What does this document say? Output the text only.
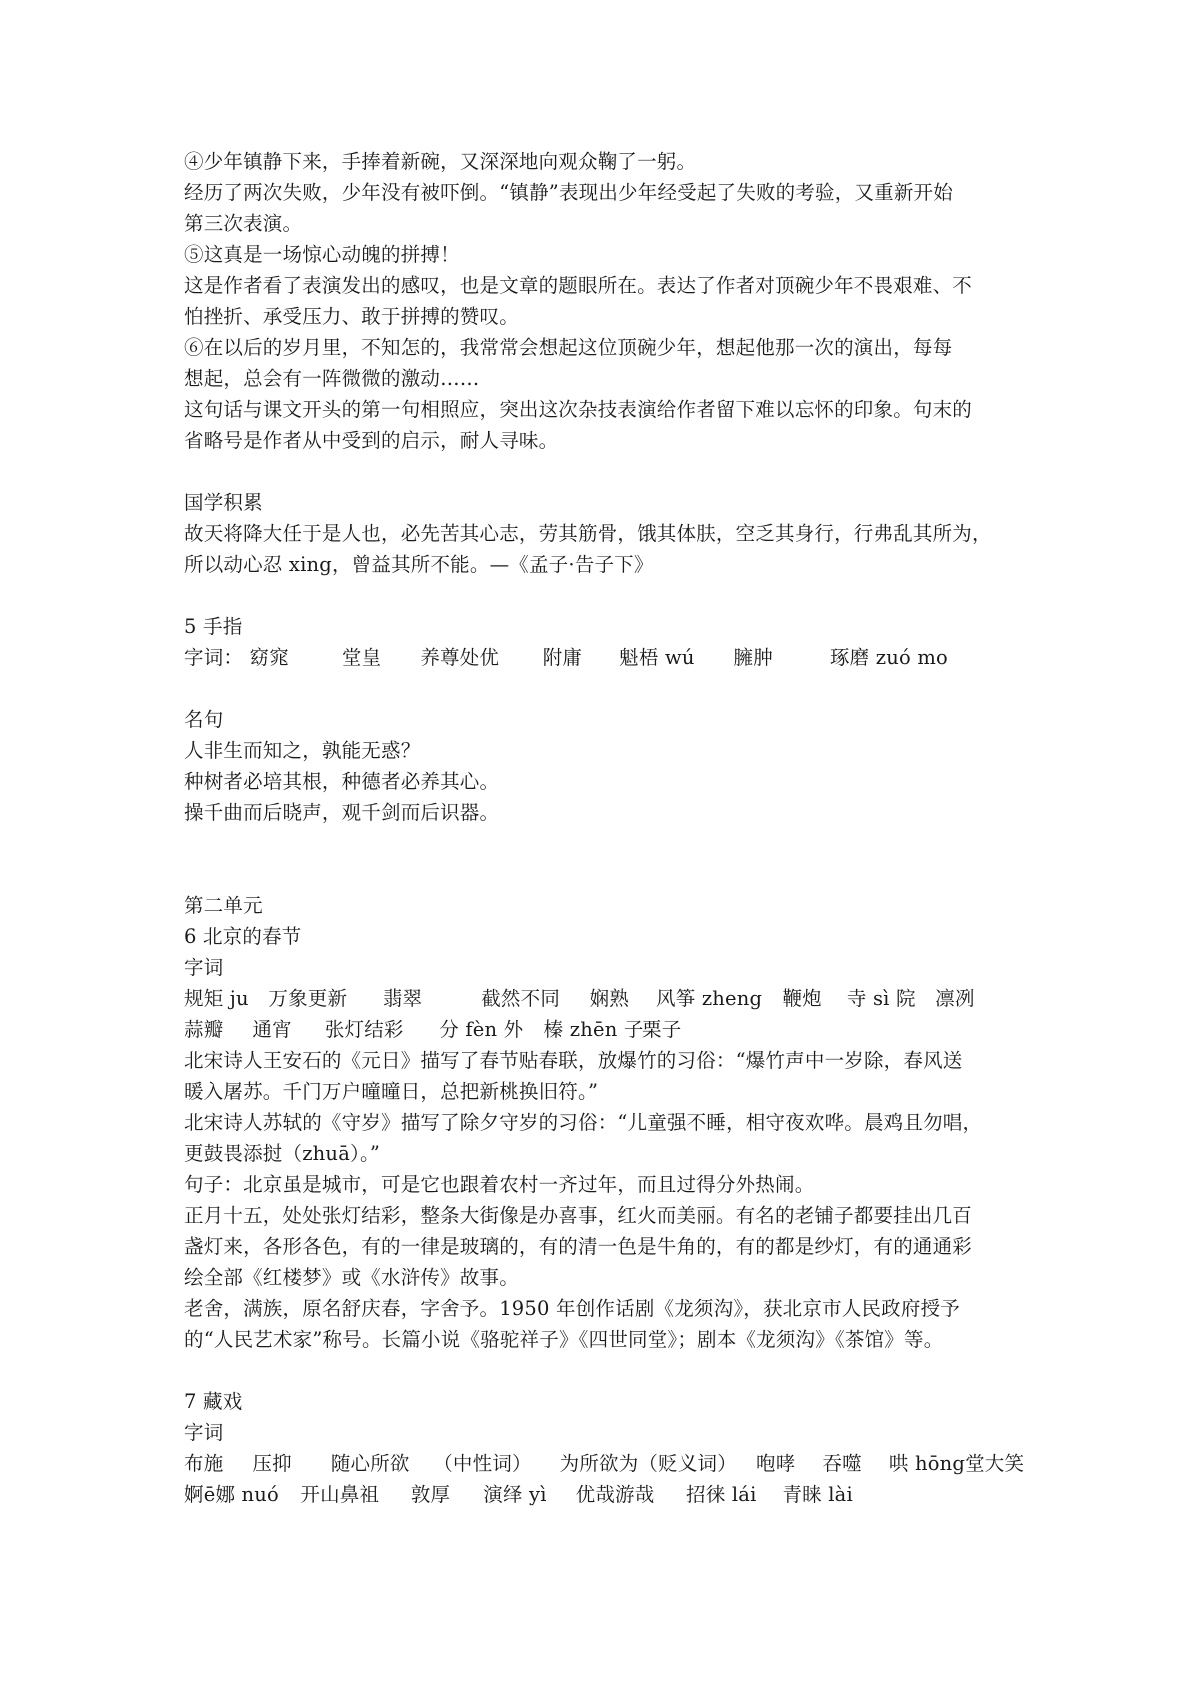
④少年镇静下来，手捧着新碗，又深深地向观众鞠了一躬。
经历了两次失败，少年没有被吓倒。“镇静”表现出少年经受起了失败的考验，又重新开始
第三次表演。
⑤这真是一场惊心动魄的拼搏！
这是作者看了表演发出的感叹，也是文章的题眼所在。表达了作者对顶碗少年不畏艰难、不
怕挫折、承受压力、敢于拼搏的赞叹。
⑥在以后的岁月里，不知怎的，我常常会想起这位顶碗少年，想起他那一次的演出，每每
想起，总会有一阵微微的激动……
这句话与课文开头的第一句相照应，突出这次杂技表演给作者留下难以忘怀的印象。句末的
省略号是作者从中受到的启示，耐人寻味。
国学积累
故天将降大任于是人也，必先苦其心志，劳其筋骨，饿其体肤，空乏其身行，行弗乱其所为，
所以动心忍 xing，曾益其所不能。—《孟子·告子下》
5 手指
字词： 窈窕	堂皇 养尊处优 附庸 魁梧 wú 臃肿	琢磨 zuó mo
名句
人非生而知之，孰能无惑？
种树者必培其根，种德者必养其心。
操千曲而后晓声，观千剑而后识器。
第二单元
6 北京的春节
字词
规矩 ju 万象更新 翡翠	截然不同 娴熟 风筝 zheng 鞭炮 寺 sì 院 凛冽
蒜瓣 通宵 张灯结彩 分 fèn 外 榛 zhēn 子 栗子
北宋诗人王安石的《元日》描写了春节贴春联，放爆竹的习俗：“爆竹声中一岁除，春风送
暖入屠苏。千门万户曈曈日，总把新桃换旧符。”
北宋诗人苏轼的《守岁》描写了除夕守岁的习俗：“儿童强不睡，相守夜欢哗。晨鸡且勿唱，
更鼓畏添挝（zhuā）。”
句子：北京虽是城市，可是它也跟着农村一齐过年，而且过得分外热闹。
正月十五，处处张灯结彩，整条大街像是办喜事，红火而美丽。有名的老铺子都要挂出几百
盏灯来，各形各色，有的一律是玻璃的，有的清一色是牛角的，有的都是纱灯，有的通通彩
绘全部《红楼梦》或《水浒传》故事。
老舍，满族，原名舒庆春，字舍予。1950 年创作话剧《龙须沟》，获北京市人民政府授予
的“人民艺术家”称号。长篇小说《骆驼祥子》《四世同堂》；剧本《龙须沟》《茶馆》等。
7 藏戏
字词
布施 压抑 随心所欲 （中性词） 为所欲为（贬义词） 咆哮 吞噬 哄 hōng堂大笑
婀ē娜 nuó 开山鼻祖 敦厚 演绎 yì 优哉游哉 招徕 lái 青睐 lài
